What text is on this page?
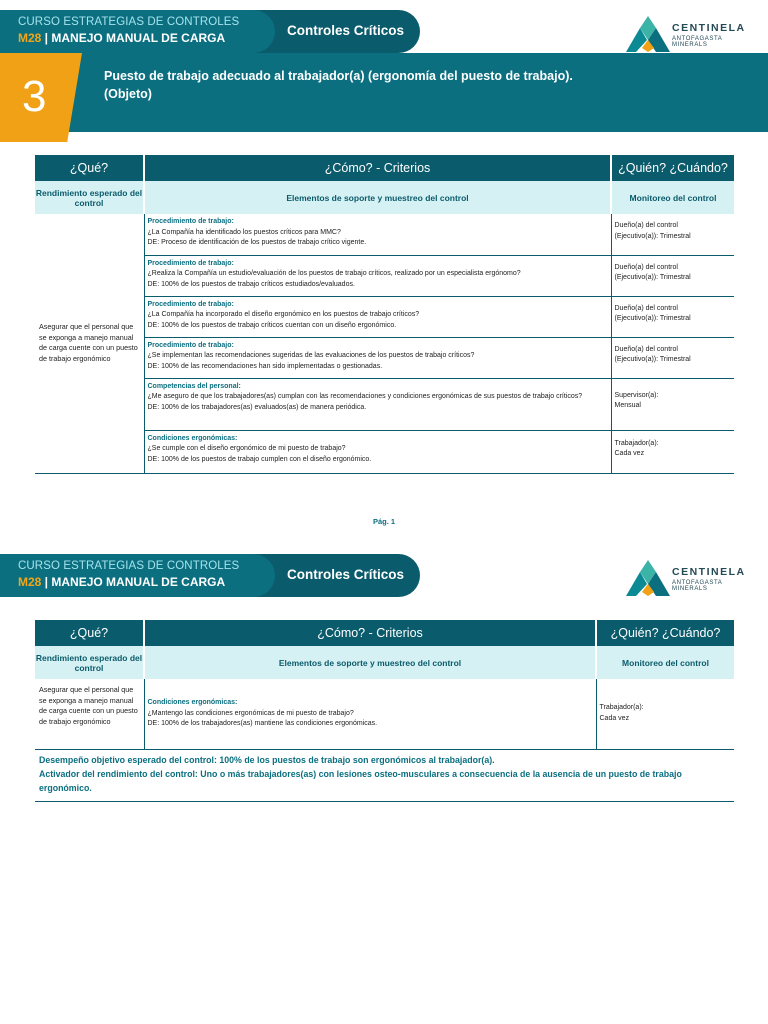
CURSO ESTRATEGIAS DE CONTROLES
M28 | MANEJO MANUAL DE CARGA	Controles Críticos	CENTINELA
ANTOFAGASTA MINERALS
3	Puesto de trabajo adecuado al trabajador(a) (ergonomía del puesto de trabajo).
(Objeto)
¿Qué?	¿Cómo? - Criterios	¿Quién? ¿Cuándo?
Rendimiento esperado del control	Elementos de soporte y muestreo del control	Monitoreo del control
Asegurar que el personal que se exponga a manejo manual de carga cuente con un puesto de trabajo ergonómico	Procedimiento de trabajo:
¿La Compañía ha identificado los puestos críticos para MMC?
DE: Proceso de identificación de los puestos de trabajo crítico vigente.	Dueño(a) del control
(Ejecutivo(a)): Trimestral

	Procedimiento de trabajo:
¿Realiza la Compañía un estudio/evaluación de los puestos de trabajo críticos, realizado por un especialista ergónomo?
DE: 100% de los puestos de trabajo críticos estudiados/evaluados.	Dueño(a) del control
(Ejecutivo(a)): Trimestral

	Procedimiento de trabajo:
¿La Compañía ha incorporado el diseño ergonómico en los puestos de trabajo críticos?
DE: 100% de los puestos de trabajo críticos cuentan con un diseño ergonómico.	Dueño(a) del control
(Ejecutivo(a)): Trimestral

	Procedimiento de trabajo:
¿Se implementan las recomendaciones sugeridas de las evaluaciones de los puestos de trabajo críticos?
DE: 100% de las recomendaciones han sido implementadas o gestionadas.	Dueño(a) del control
(Ejecutivo(a)): Trimestral

	Competencias del personal:
¿Me aseguro de que los trabajadores(as) cumplan con las recomendaciones y condiciones ergonómicas de sus puestos de trabajo críticos?
DE: 100% de los trabajadores(as) evaluados(as) de manera periódica.	Supervisor(a):
Mensual

	Condiciones ergonómicas:
¿Se cumple con el diseño ergonómico de mi puesto de trabajo?
DE: 100% de los puestos de trabajo cumplen con el diseño ergonómico.	Trabajador(a):
Cada vez
Pág. 1
CURSO ESTRATEGIAS DE CONTROLES
M28 | MANEJO MANUAL DE CARGA	Controles Críticos	CENTINELA
ANTOFAGASTA MINERALS
¿Qué?	¿Cómo? - Criterios	¿Quién? ¿Cuándo?
Rendimiento esperado del control	Elementos de soporte y muestreo del control	Monitoreo del control
Asegurar que el personal que se exponga a manejo manual de carga cuente con un puesto de trabajo ergonómico	Condiciones ergonómicas:
¿Mantengo las condiciones ergonómicas de mi puesto de trabajo?
DE: 100% de los trabajadores(as) mantiene las condiciones ergonómicas.	Trabajador(a):
Cada vez

Desempeño objetivo esperado del control: 100% de los puestos de trabajo son ergonómicos al trabajador(a).

Activador del rendimiento del control: Uno o más trabajadores(as) con lesiones osteo-musculares a consecuencia de la ausencia de un puesto de trabajo ergonómico.
